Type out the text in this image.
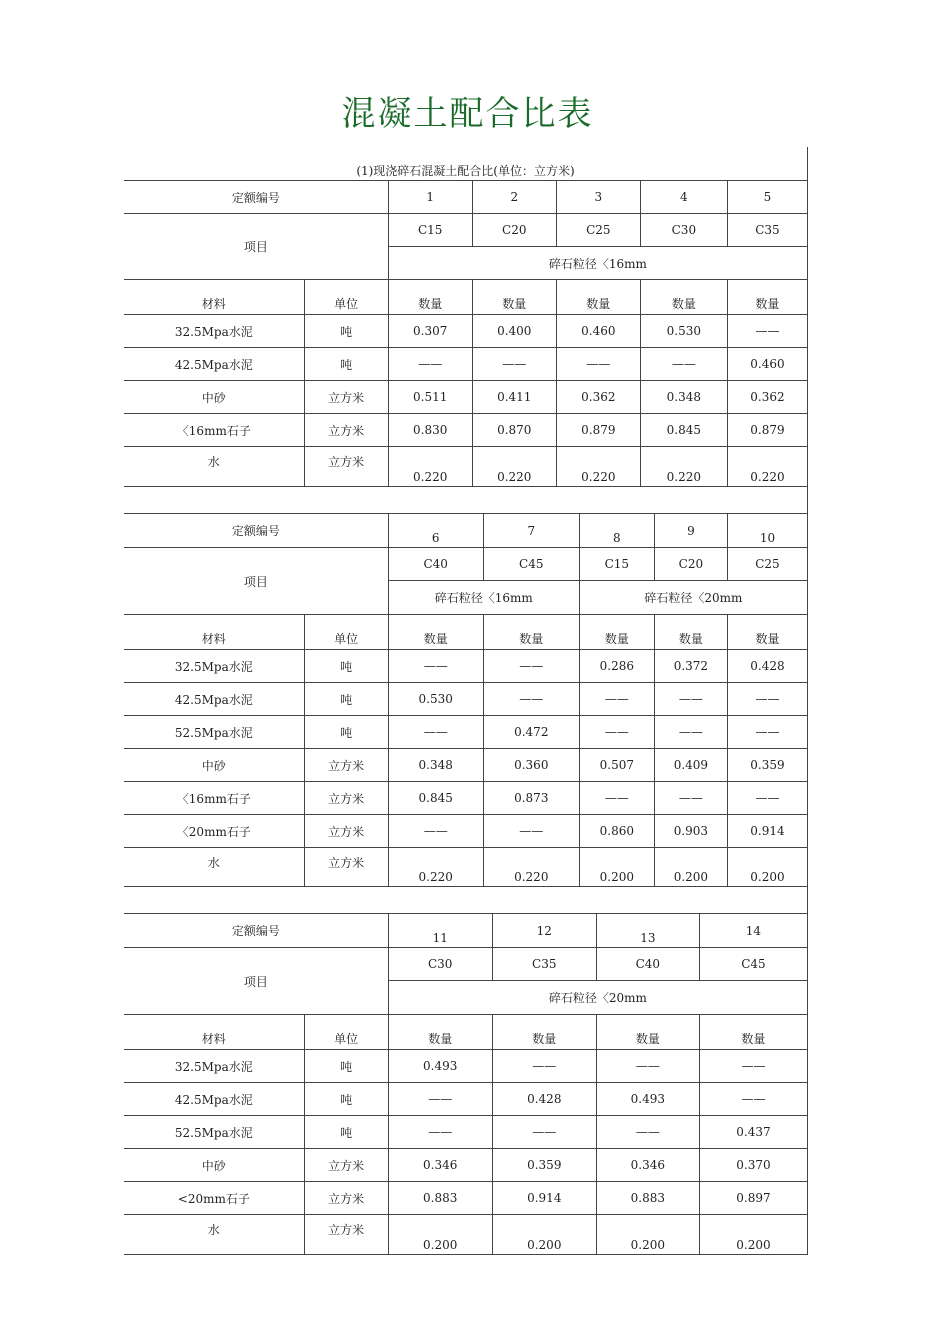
混凝土配合比表
(1)现浇碎石混凝土配合比(单位：立方米)
定额编号		1	2	3	4	5
项目		C15	C20	C25	C30	C35
		碎石粒径〈16mm				
材料	单位	数量	数量	数量	数量	数量
32.5Mpa水泥	吨	0.307	0.400	0.460	0.530	——
42.5Mpa水泥	吨	——	——	——	——	0.460
中砂	立方米	0.511	0.411	0.362	0.348	0.362
〈16mm石子	立方米	0.830	0.870	0.879	0.845	0.879
水	立方米	0.220	0.220	0.220	0.220	0.220
定额编号		6	7	8	9	10
项目		C40	C45	C15	C20	C25
		碎石粒径〈16mm		碎石粒径〈20mm		
材料	单位	数量	数量	数量	数量	数量
32.5Mpa水泥	吨	——	——	0.286	0.372	0.428
42.5Mpa水泥	吨	0.530	——	——	——	——
52.5Mpa水泥	吨	——	0.472	——	——	——
中砂	立方米	0.348	0.360	0.507	0.409	0.359
〈16mm石子	立方米	0.845	0.873	——	——	——
〈20mm石子	立方米	——	——	0.860	0.903	0.914
水	立方米	0.220	0.220	0.200	0.200	0.200
定额编号		11	12	13	14
项目		C30	C35	C40	C45
		碎石粒径〈20mm			
材料	单位	数量	数量	数量	数量
32.5Mpa水泥	吨	0.493	——	——	——
42.5Mpa水泥	吨	——	0.428	0.493	——
52.5Mpa水泥	吨	——	——	——	0.437
中砂	立方米	0.346	0.359	0.346	0.370
<20mm石子	立方米	0.883	0.914	0.883	0.897
水	立方米	0.200	0.200	0.200	0.200
